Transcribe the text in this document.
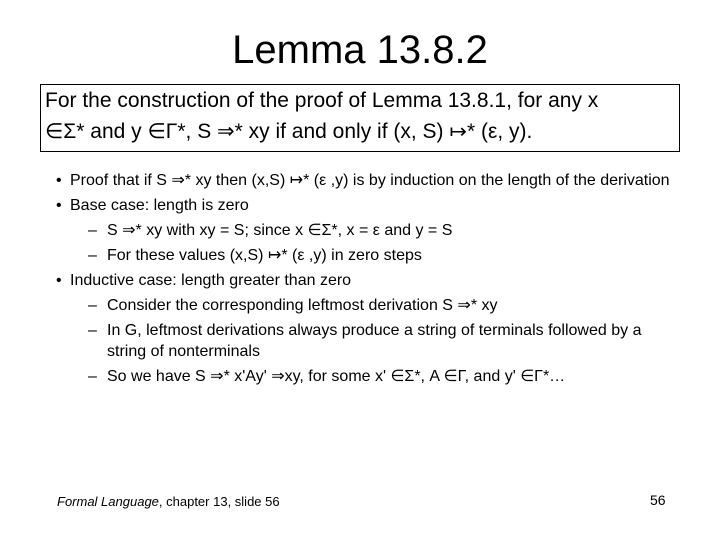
Lemma 13.8.2
For the construction of the proof of Lemma 13.8.1, for any x
∈Σ* and y ∈Γ*, S ⇒* xy if and only if (x, S) ↦* (ε, y).
• Proof that if S ⇒* xy then (x,S) ↦* (ε ,y) is by induction on the length of the derivation
• Base case: length is zero
– S ⇒* xy with xy = S; since x ∈Σ*, x = ε and y = S
– For these values (x,S) ↦* (ε ,y) in zero steps
• Inductive case: length greater than zero
– Consider the corresponding leftmost derivation S ⇒* xy
– In G, leftmost derivations always produce a string of terminals followed by a string of nonterminals
– So we have S ⇒* x'Ay' ⇒xy, for some x' ∈Σ*, A ∈Γ, and y' ∈Γ*…
Formal Language, chapter 13, slide 56	56
